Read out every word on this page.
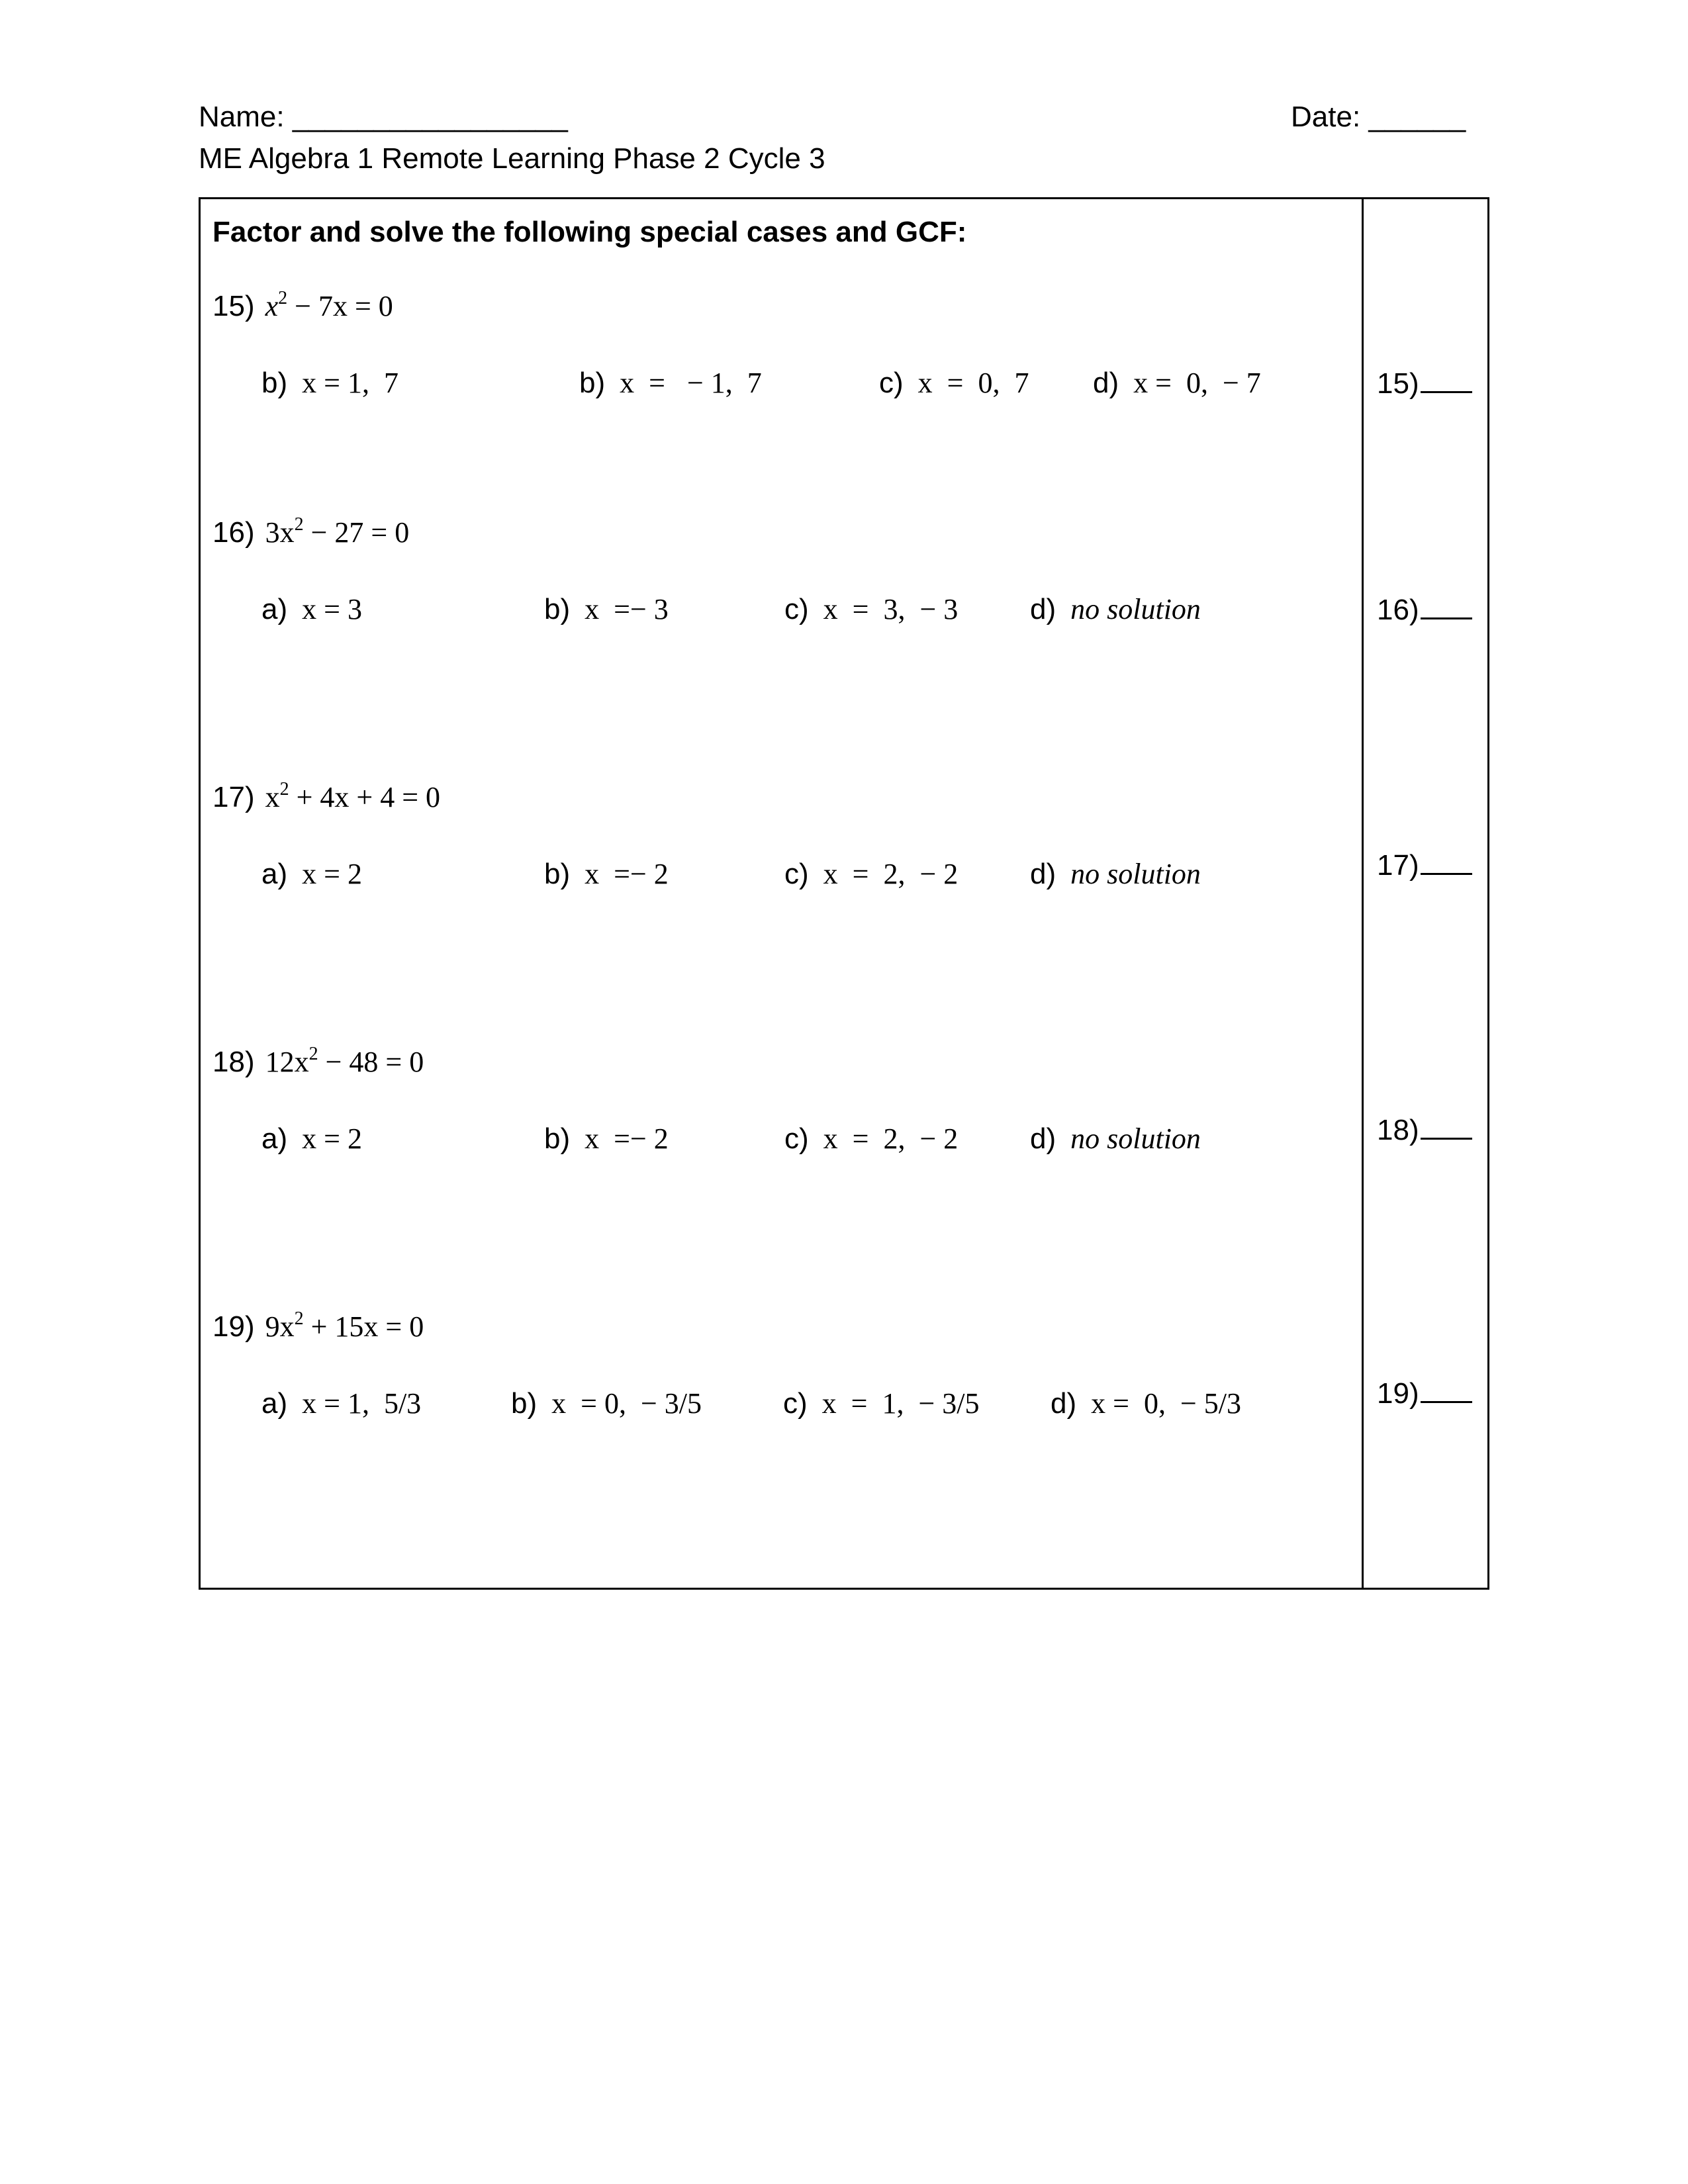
Name: _________________	Date: ______
ME Algebra 1 Remote Learning Phase 2 Cycle 3
Factor and solve the following special cases and GCF:
15) $x^2 - 7x = 0$
b) x = 1,  7	b) x  =   − 1,  7	c) x  =  0,  7 d) x =  0,  − 7	15)
16) $3x^2 - 27 = 0$
a) x = 3	b) x  =− 3	c) x  =  3,  − 3 d) no solution	16)
17) $x^2 + 4x + 4 = 0$
a) x = 2	b) x  =− 2	c) x  =  2,  − 2 d) no solution	17)
18) $12x^2 - 48 = 0$
a) x = 2	b) x  =− 2	c) x  =  2,  − 2 d) no solution	18)
19) $9x^2 + 15x = 0$
a) x = 1,  5/3	b) x  = 0,  − 3/5	c) x  =  1,  − 3/5 d) x =  0,  − 5/3	19)
